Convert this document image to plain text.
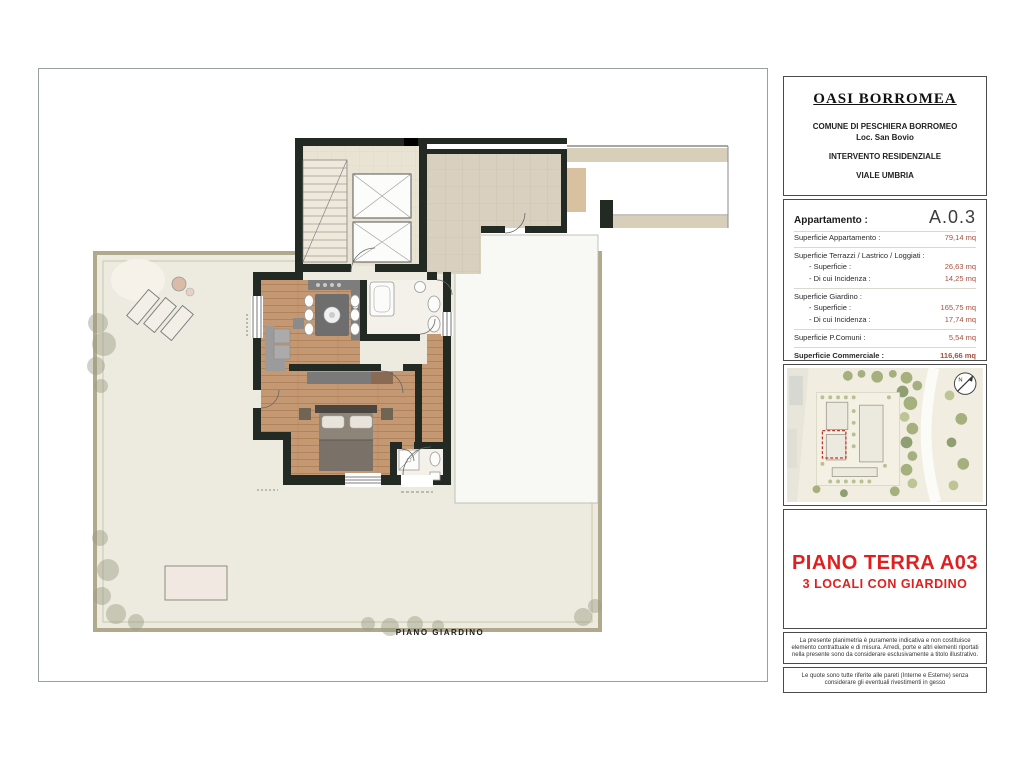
PIANO GIARDINO
OASI BORROMEA
COMUNE DI PESCHIERA BORROMEO
Loc. San Bovio
INTERVENTO RESIDENZIALE
VIALE UMBRIA
Appartamento :	A.0.3
Superficie Appartamento :	79,14 mq
Superficie Terrazzi / Lastrico / Loggiati :
- Superficie :	26,63 mq
- Di cui Incidenza :	14,25 mq
Superficie Giardino :
- Superficie :	165,75 mq
- Di cui Incidenza :	17,74 mq
Superficie P.Comuni :	5,54 mq
Superficie Commerciale :	116,66 mq
N
PIANO TERRA A03
3 LOCALI CON GIARDINO
La presente planimetria è puramente indicativa e non costituisce elemento contrattuale e di misura. Arredi, porte e altri elementi riportati nella presente sono da considerare esclusivamente a titolo illustrativo.
Le quote sono tutte riferite alle pareti (Interne e Esterne) senza considerare gli eventuali rivestimenti in gesso
